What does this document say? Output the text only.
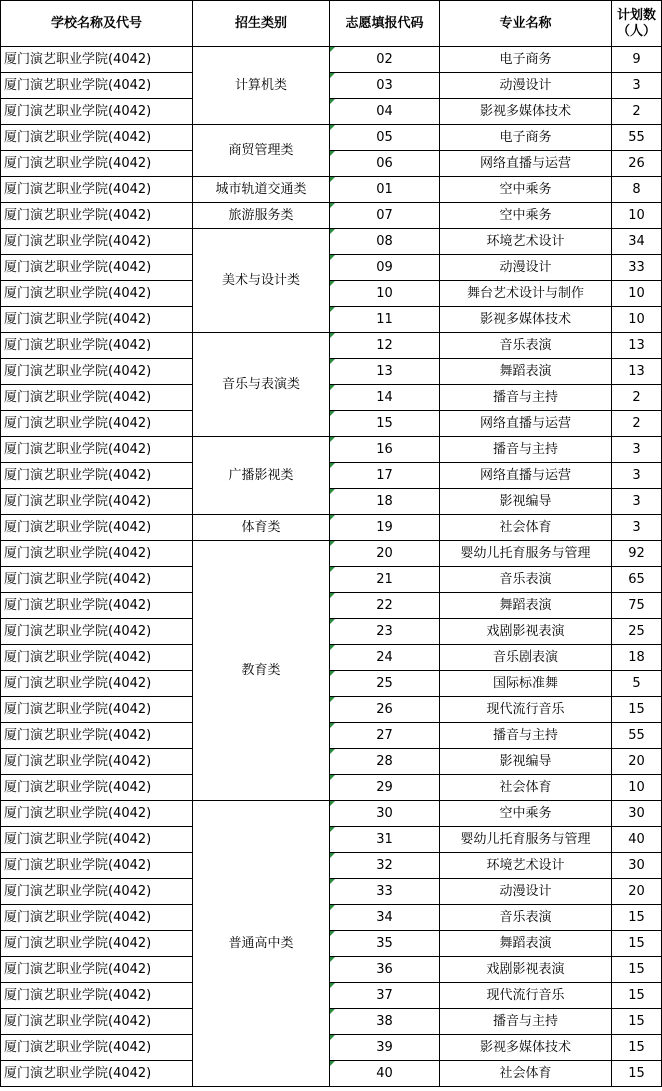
学校名称及代号	招生类别	志愿填报代码	专业名称	计划数
（人）
厦门演艺职业学院(4042)	计算机类	02	电子商务	9
厦门演艺职业学院(4042)		03	动漫设计	3
厦门演艺职业学院(4042)		04	影视多媒体技术	2
厦门演艺职业学院(4042)	商贸管理类	05	电子商务	55
厦门演艺职业学院(4042)		06	网络直播与运营	26
厦门演艺职业学院(4042)	城市轨道交通类	01	空中乘务	8
厦门演艺职业学院(4042)	旅游服务类	07	空中乘务	10
厦门演艺职业学院(4042)	美术与设计类	08	环境艺术设计	34
厦门演艺职业学院(4042)		09	动漫设计	33
厦门演艺职业学院(4042)		10	舞台艺术设计与制作	10
厦门演艺职业学院(4042)		11	影视多媒体技术	10
厦门演艺职业学院(4042)	音乐与表演类	12	音乐表演	13
厦门演艺职业学院(4042)		13	舞蹈表演	13
厦门演艺职业学院(4042)		14	播音与主持	2
厦门演艺职业学院(4042)		15	网络直播与运营	2
厦门演艺职业学院(4042)	广播影视类	16	播音与主持	3
厦门演艺职业学院(4042)		17	网络直播与运营	3
厦门演艺职业学院(4042)		18	影视编导	3
厦门演艺职业学院(4042)	体育类	19	社会体育	3
厦门演艺职业学院(4042)	教育类	20	婴幼儿托育服务与管理	92
厦门演艺职业学院(4042)		21	音乐表演	65
厦门演艺职业学院(4042)		22	舞蹈表演	75
厦门演艺职业学院(4042)		23	戏剧影视表演	25
厦门演艺职业学院(4042)		24	音乐剧表演	18
厦门演艺职业学院(4042)		25	国际标准舞	5
厦门演艺职业学院(4042)		26	现代流行音乐	15
厦门演艺职业学院(4042)		27	播音与主持	55
厦门演艺职业学院(4042)		28	影视编导	20
厦门演艺职业学院(4042)		29	社会体育	10
厦门演艺职业学院(4042)	普通高中类	30	空中乘务	30
厦门演艺职业学院(4042)		31	婴幼儿托育服务与管理	40
厦门演艺职业学院(4042)		32	环境艺术设计	30
厦门演艺职业学院(4042)		33	动漫设计	20
厦门演艺职业学院(4042)		34	音乐表演	15
厦门演艺职业学院(4042)		35	舞蹈表演	15
厦门演艺职业学院(4042)		36	戏剧影视表演	15
厦门演艺职业学院(4042)		37	现代流行音乐	15
厦门演艺职业学院(4042)		38	播音与主持	15
厦门演艺职业学院(4042)		39	影视多媒体技术	15
厦门演艺职业学院(4042)		40	社会体育	15
